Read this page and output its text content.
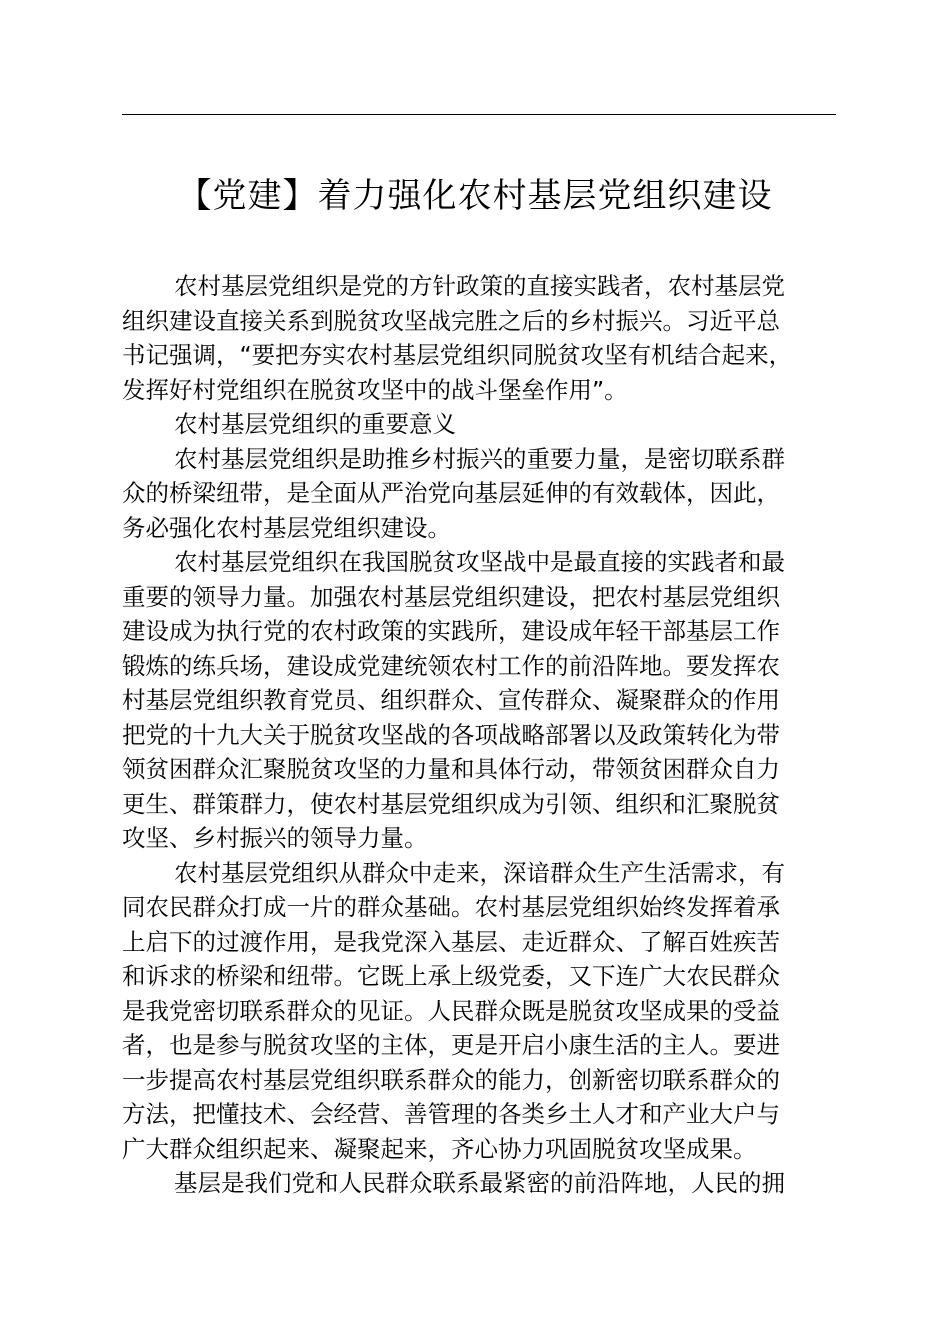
【党建】着力强化农村基层党组织建设
农村基层党组织是党的方针政策的直接实践者，农村基层党
组织建设直接关系到脱贫攻坚战完胜之后的乡村振兴。习近平总
书记强调，“要把夯实农村基层党组织同脱贫攻坚有机结合起来，
发挥好村党组织在脱贫攻坚中的战斗堡垒作用”。
农村基层党组织的重要意义
农村基层党组织是助推乡村振兴的重要力量，是密切联系群
众的桥梁纽带，是全面从严治党向基层延伸的有效载体，因此，
务必强化农村基层党组织建设。
农村基层党组织在我国脱贫攻坚战中是最直接的实践者和最
重要的领导力量。加强农村基层党组织建设，把农村基层党组织
建设成为执行党的农村政策的实践所，建设成年轻干部基层工作
锻炼的练兵场，建设成党建统领农村工作的前沿阵地。要发挥农
村基层党组织教育党员、组织群众、宣传群众、凝聚群众的作用
把党的十九大关于脱贫攻坚战的各项战略部署以及政策转化为带
领贫困群众汇聚脱贫攻坚的力量和具体行动，带领贫困群众自力
更生、群策群力，使农村基层党组织成为引领、组织和汇聚脱贫
攻坚、乡村振兴的领导力量。
农村基层党组织从群众中走来，深谙群众生产生活需求，有
同农民群众打成一片的群众基础。农村基层党组织始终发挥着承
上启下的过渡作用，是我党深入基层、走近群众、了解百姓疾苦
和诉求的桥梁和纽带。它既上承上级党委，又下连广大农民群众
是我党密切联系群众的见证。人民群众既是脱贫攻坚成果的受益
者，也是参与脱贫攻坚的主体，更是开启小康生活的主人。要进
一步提高农村基层党组织联系群众的能力，创新密切联系群众的
方法，把懂技术、会经营、善管理的各类乡土人才和产业大户与
广大群众组织起来、凝聚起来，齐心协力巩固脱贫攻坚成果。
基层是我们党和人民群众联系最紧密的前沿阵地，人民的拥
